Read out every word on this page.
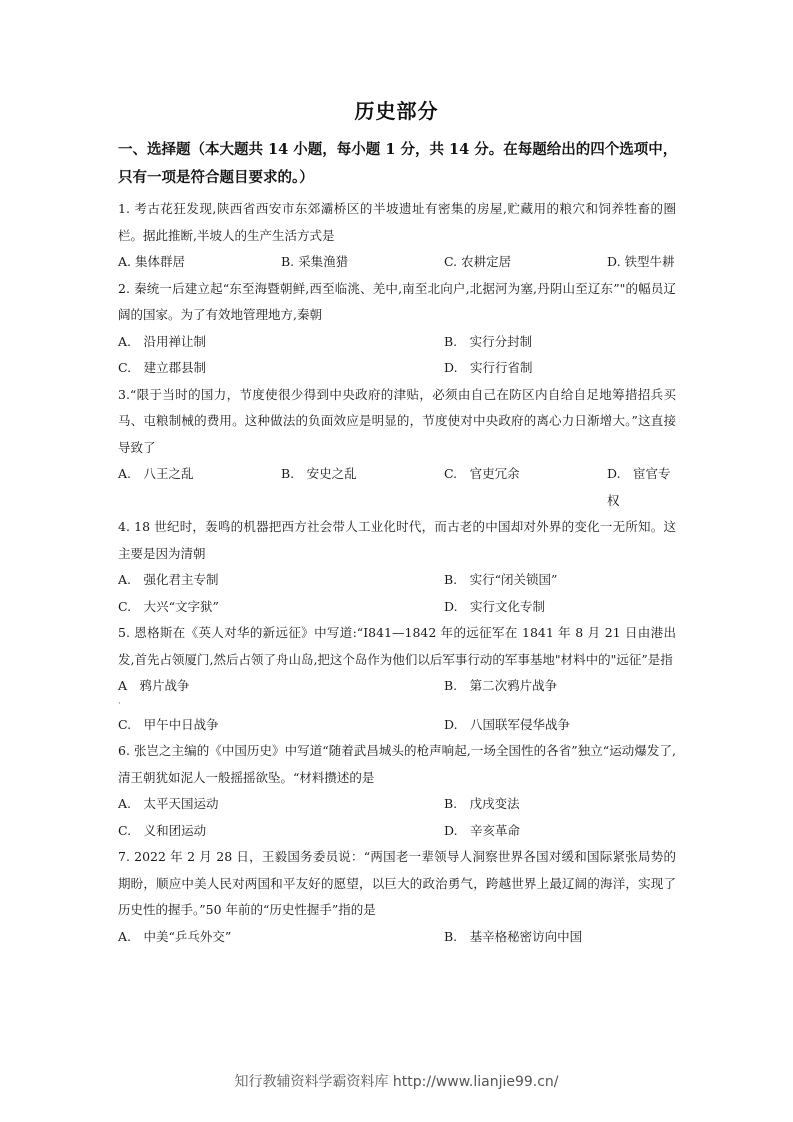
历史部分
一、选择题（本大题共 14 小题，每小题 1 分，共 14 分。在每题给出的四个选项中，只有一项是符合题目要求的。）
1. 考古花狂发现,陕西省西安市东郊灞桥区的半坡遗址有密集的房屋,贮藏用的粮穴和饲养牲畜的圈栏。据此推断,半坡人的生产生活方式是
A. 集体群居	B. 采集渔猎	C. 农耕定居	D. 铁型牛耕
2. 秦统一后建立起“东至海暨朝鲜,西至临洮、羌中,南至北向户,北据河为塞,丹阴山至辽东”"的幅员辽阔的国家。为了有效地管理地方,秦朝
A.　沿用禅让制	B.　实行分封制
C.　建立郡县制	D.　实行行省制
3.“限于当时的国力，节度使很少得到中央政府的津贴，必须由自己在防区内自给自足地筹措招兵买马、屯粮制械的费用。这种做法的负面效应是明显的，节度使对中央政府的离心力日渐增大。”这直接导致了
A.　八王之乱	B.　安史之乱	C.　官吏冗余	D.　宦官专权
4. 18 世纪时，轰鸣的机器把西方社会带人工业化时代，而古老的中国却对外界的变化一无所知。这主要是因为清朝
A.　强化君主专制	B.　实行“闭关锁国”
C.　大兴“文字狱”	D.　实行文化专制
5. 恩格斯在《英人对华的新远征》中写道:“I841—1842 年的远征军在 1841 年 8 月 21 日由港出发,首先占领厦门,然后占领了舟山岛,把这个岛作为他们以后军事行动的军事基地"材料中的"远征”是指
A　鸦片战争	B.　第二次鸦片战争
·
C.　甲午中日战争	D.　八国联军侵华战争
6. 张岂之主编的《中国历史》中写道“随着武昌城头的枪声响起,一场全国性的各省”独立“运动爆发了,清王朝犹如泥人一般摇摇欲坠。“材料攒述的是
A.　太平天国运动	B.　戊戌变法
C.　义和团运动	D.　辛亥革命
7. 2022 年 2 月 28 日，王毅国务委员说：“两国老一辈领导人洞察世界各国对缓和国际紧张局势的期盼，顺应中美人民对两国和平友好的愿望，以巨大的政治勇气，跨越世界上最辽阔的海洋，实现了历史性的握手。”50 年前的“历史性握手”指的是
A.　中美“乒乓外交”	B.　基辛格秘密访向中国
知行教辅资料学霸资料库 http://www.lianjie99.cn/
